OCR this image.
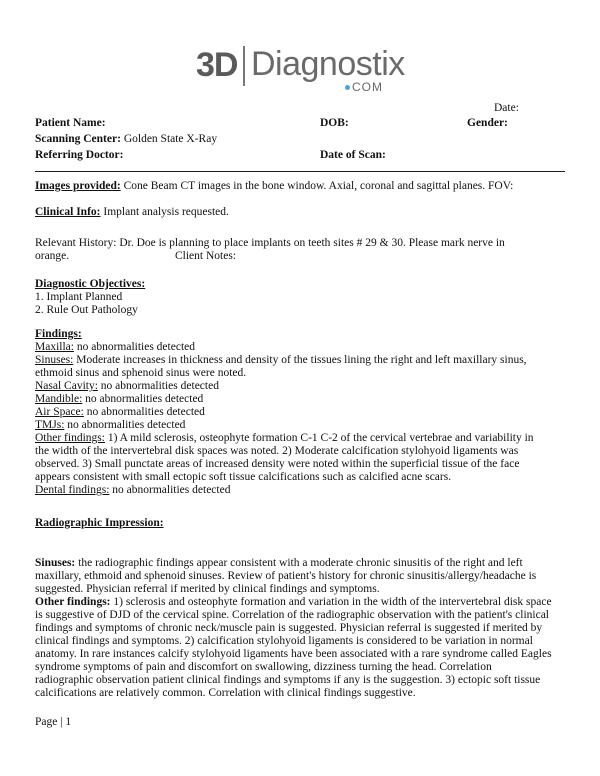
3D Diagnostix
COM
Date:
Patient Name:	DOB:	Gender:
Scanning Center: Golden State X-Ray
Referring Doctor:	Date of Scan:
Images provided: Cone Beam CT images in the bone window. Axial, coronal and sagittal planes. FOV:
Clinical Info: Implant analysis requested.
Relevant History: Dr. Doe is planning to place implants on teeth sites # 29 & 30. Please mark nerve in
orange.	Client Notes:
Diagnostic Objectives:
1. Implant Planned
2. Rule Out Pathology
Findings:
Maxilla: no abnormalities detected
Sinuses: Moderate increases in thickness and density of the tissues lining the right and left maxillary sinus,
ethmoid sinus and sphenoid sinus were noted.
Nasal Cavity: no abnormalities detected
Mandible: no abnormalities detected
Air Space: no abnormalities detected
TMJs: no abnormalities detected
Other findings: 1) A mild sclerosis, osteophyte formation C-1 C-2 of the cervical vertebrae and variability in
the width of the intervertebral disk spaces was noted. 2) Moderate calcification stylohyoid ligaments was
observed. 3) Small punctate areas of increased density were noted within the superficial tissue of the face
appears consistent with small ectopic soft tissue calcifications such as calcified acne scars.
Dental findings: no abnormalities detected
Radiographic Impression:
Sinuses: the radiographic findings appear consistent with a moderate chronic sinusitis of the right and left
maxillary, ethmoid and sphenoid sinuses. Review of patient's history for chronic sinusitis/allergy/headache is
suggested. Physician referral if merited by clinical findings and symptoms.
Other findings: 1) sclerosis and osteophyte formation and variation in the width of the intervertebral disk space
is suggestive of DJD of the cervical spine. Correlation of the radiographic observation with the patient's clinical
findings and symptoms of chronic neck/muscle pain is suggested. Physician referral is suggested if merited by
clinical findings and symptoms. 2) calcification stylohyoid ligaments is considered to be variation in normal
anatomy. In rare instances calcify stylohyoid ligaments have been associated with a rare syndrome called Eagles
syndrome symptoms of pain and discomfort on swallowing, dizziness turning the head. Correlation
radiographic observation patient clinical findings and symptoms if any is the suggestion. 3) ectopic soft tissue
calcifications are relatively common. Correlation with clinical findings suggestive.
Page | 1
